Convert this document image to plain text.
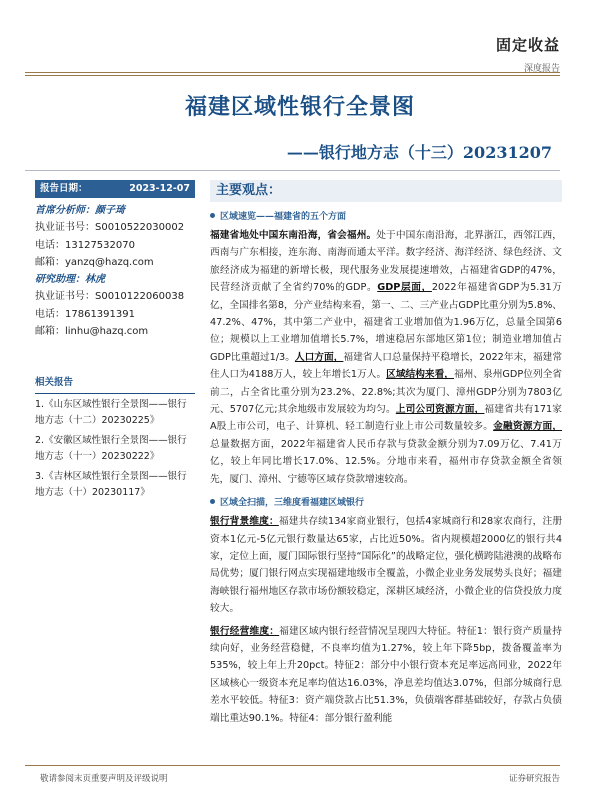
固定收益
深度报告
福建区域性银行全景图
——银行地方志（十三）20231207
报告日期：	2023-12-07
首席分析师：颜子琦
执业证书号：S0010522030002
电话：13127532070
邮箱：yanzq@hazq.com
研究助理：林虎
执业证书号：S0010122060038
电话：17861391391
邮箱：linhu@hazq.com
相关报告
1.《山东区域性银行全景图——银行地方志（十二）20230225》
2.《安徽区域性银行全景图——银行地方志（十一）20230222》
3.《吉林区域性银行全景图——银行地方志（十）20230117》
主要观点：
区域速览——福建省的五个方面
福建省地处中国东南沿海，省会福州。处于中国东南沿海，北界浙江，西邻江西，西南与广东相接，连东海、南海而通太平洋。数字经济、海洋经济、绿色经济、文旅经济成为福建的新增长极，现代服务业发展提速增效，占福建省GDP的47%，民营经济贡献了全省约70%的GDP。GDP层面，2022年福建省GDP为5.31万亿，全国排名第8，分产业结构来看，第一、二、三产业占GDP比重分别为5.8%、47.2%、47%，其中第二产业中，福建省工业增加值为1.96万亿，总量全国第6位；规模以上工业增加值增长5.7%，增速稳居东部地区第1位；制造业增加值占GDP比重超过1/3。人口方面，福建省人口总量保持平稳增长，2022年末，福建常住人口为4188万人，较上年增长1万人。区域结构来看，福州、泉州GDP位列全省前二，占全省比重分别为23.2%、22.8%;其次为厦门、漳州GDP分别为7803亿元、5707亿元;其余地级市发展较为均匀。上司公司资源方面，福建省共有171家A股上市公司，电子、计算机、轻工制造行业上市公司数量较多。金融资源方面，总量数据方面，2022年福建省人民币存款与贷款金额分别为7.09万亿、7.41万亿，较上年同比增长17.0%、12.5%。分地市来看，福州市存贷款金额全省领先，厦门、漳州、宁德等区域存贷款增速较高。
区域全扫描，三维度看福建区域银行
银行背景维度：福建共存续134家商业银行，包括4家城商行和28家农商行，注册资本1亿元-5亿元银行数量达65家，占比近50%。省内规模超2000亿的银行共4家，定位上面，厦门国际银行坚持“国际化”的战略定位，强化横跨陆港澳的战略布局优势；厦门银行网点实现福建地级市全覆盖，小微企业业务发展势头良好；福建海峡银行福州地区存款市场份额较稳定，深耕区域经济，小微企业的信贷投放力度较大。
银行经营维度：福建区域内银行经营情况呈现四大特征。特征1：银行资产质量持续向好，业务经营稳健，不良率均值为1.27%，较上年下降5bp，拨备覆盖率为535%，较上年上升20pct。特征2：部分中小银行资本充足率远高同业，2022年区域核心一级资本充足率均值达16.03%，净息差均值达3.07%，但部分城商行息差水平较低。特征3：资产端贷款占比51.3%，负债端客群基础较好，存款占负债端比重达90.1%。特征4：部分银行盈利能
敬请参阅末页重要声明及评级说明	证券研究报告
